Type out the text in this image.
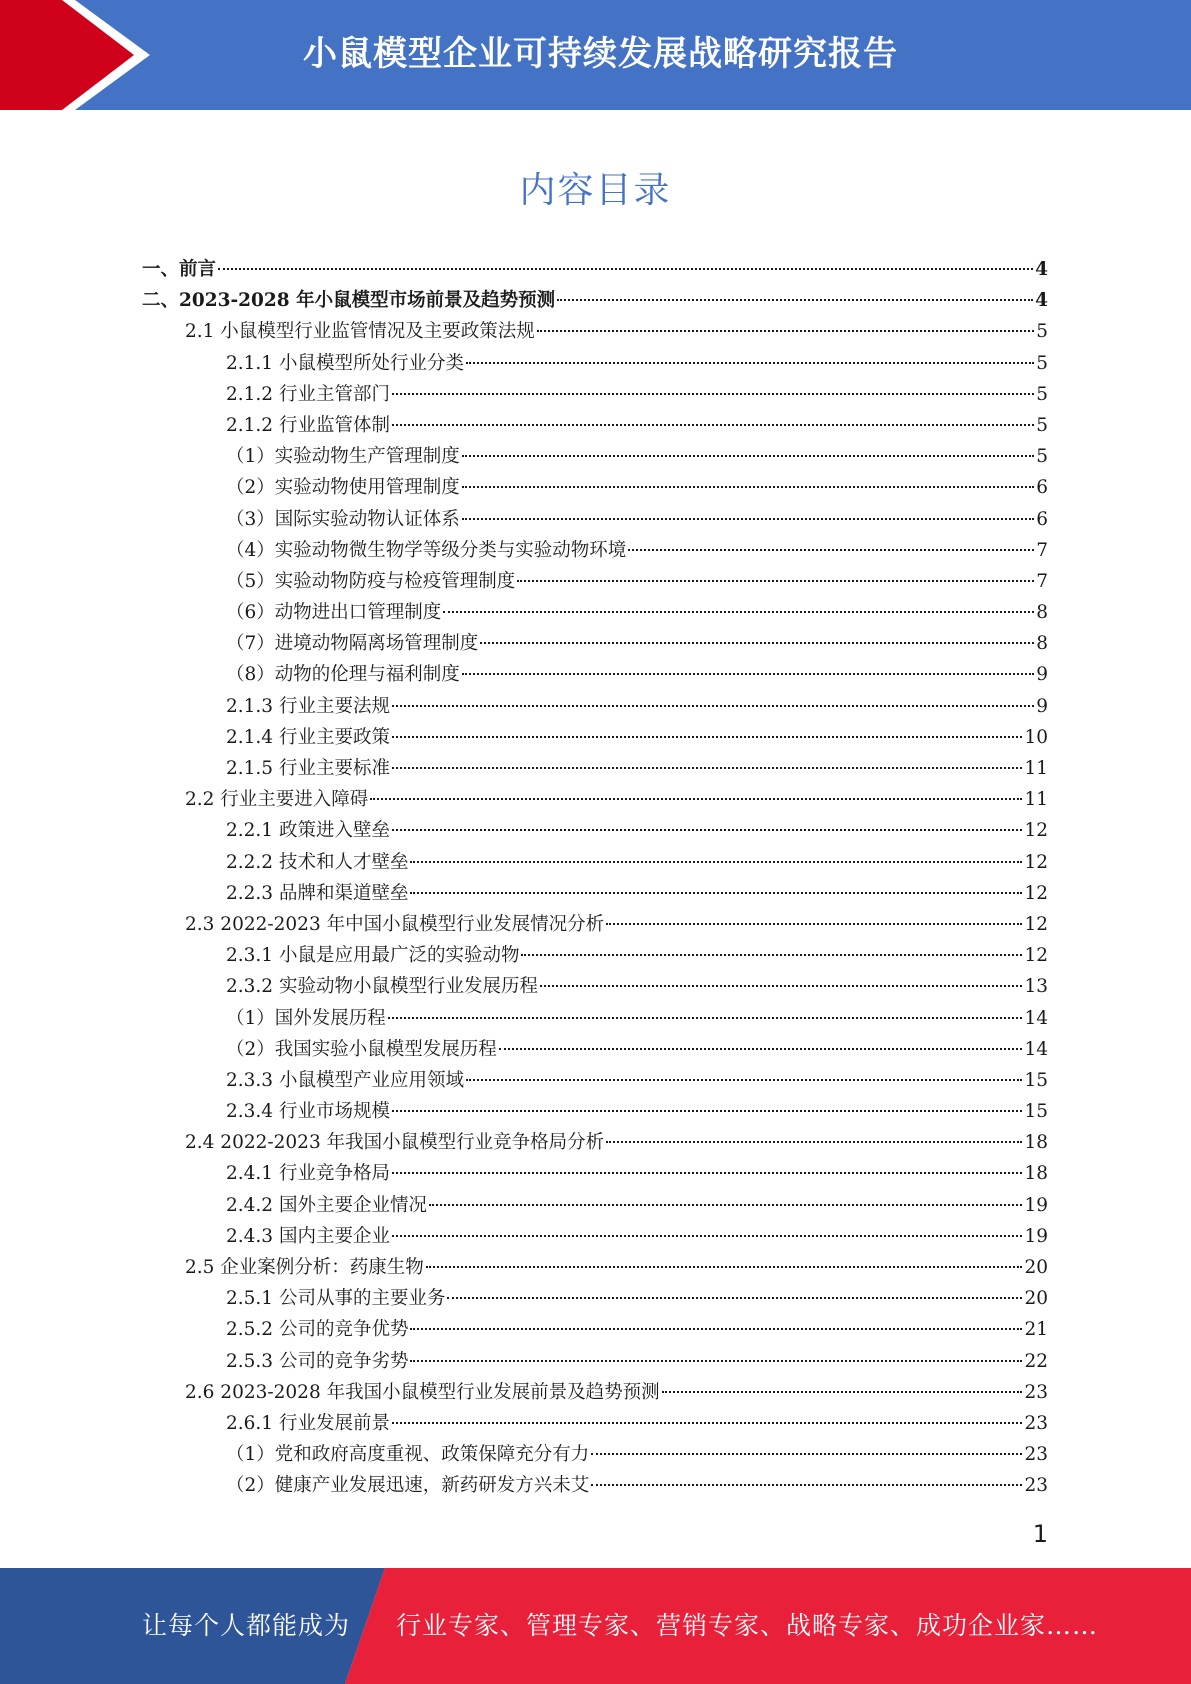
小鼠模型企业可持续发展战略研究报告
内容目录
一、前言	4
二、2023-2028 年小鼠模型市场前景及趋势预测	4
2.1 小鼠模型行业监管情况及主要政策法规	5
2.1.1 小鼠模型所处行业分类	5
2.1.2 行业主管部门	5
2.1.2 行业监管体制	5
（1）实验动物生产管理制度	5
（2）实验动物使用管理制度	6
（3）国际实验动物认证体系	6
（4）实验动物微生物学等级分类与实验动物环境	7
（5）实验动物防疫与检疫管理制度	7
（6）动物进出口管理制度	8
（7）进境动物隔离场管理制度	8
（8）动物的伦理与福利制度	9
2.1.3 行业主要法规	9
2.1.4 行业主要政策	10
2.1.5 行业主要标准	11
2.2 行业主要进入障碍	11
2.2.1 政策进入壁垒	12
2.2.2 技术和人才壁垒	12
2.2.3 品牌和渠道壁垒	12
2.3 2022-2023 年中国小鼠模型行业发展情况分析	12
2.3.1 小鼠是应用最广泛的实验动物	12
2.3.2 实验动物小鼠模型行业发展历程	13
（1）国外发展历程	14
（2）我国实验小鼠模型发展历程	14
2.3.3 小鼠模型产业应用领域	15
2.3.4 行业市场规模	15
2.4 2022-2023 年我国小鼠模型行业竞争格局分析	18
2.4.1 行业竞争格局	18
2.4.2 国外主要企业情况	19
2.4.3 国内主要企业	19
2.5 企业案例分析：药康生物	20
2.5.1 公司从事的主要业务	20
2.5.2 公司的竞争优势	21
2.5.3 公司的竞争劣势	22
2.6 2023-2028 年我国小鼠模型行业发展前景及趋势预测	23
2.6.1 行业发展前景	23
（1）党和政府高度重视、政策保障充分有力	23
（2）健康产业发展迅速，新药研发方兴未艾	23
1
让每个人都能成为 行业专家、管理专家、营销专家、战略专家、成功企业家……
